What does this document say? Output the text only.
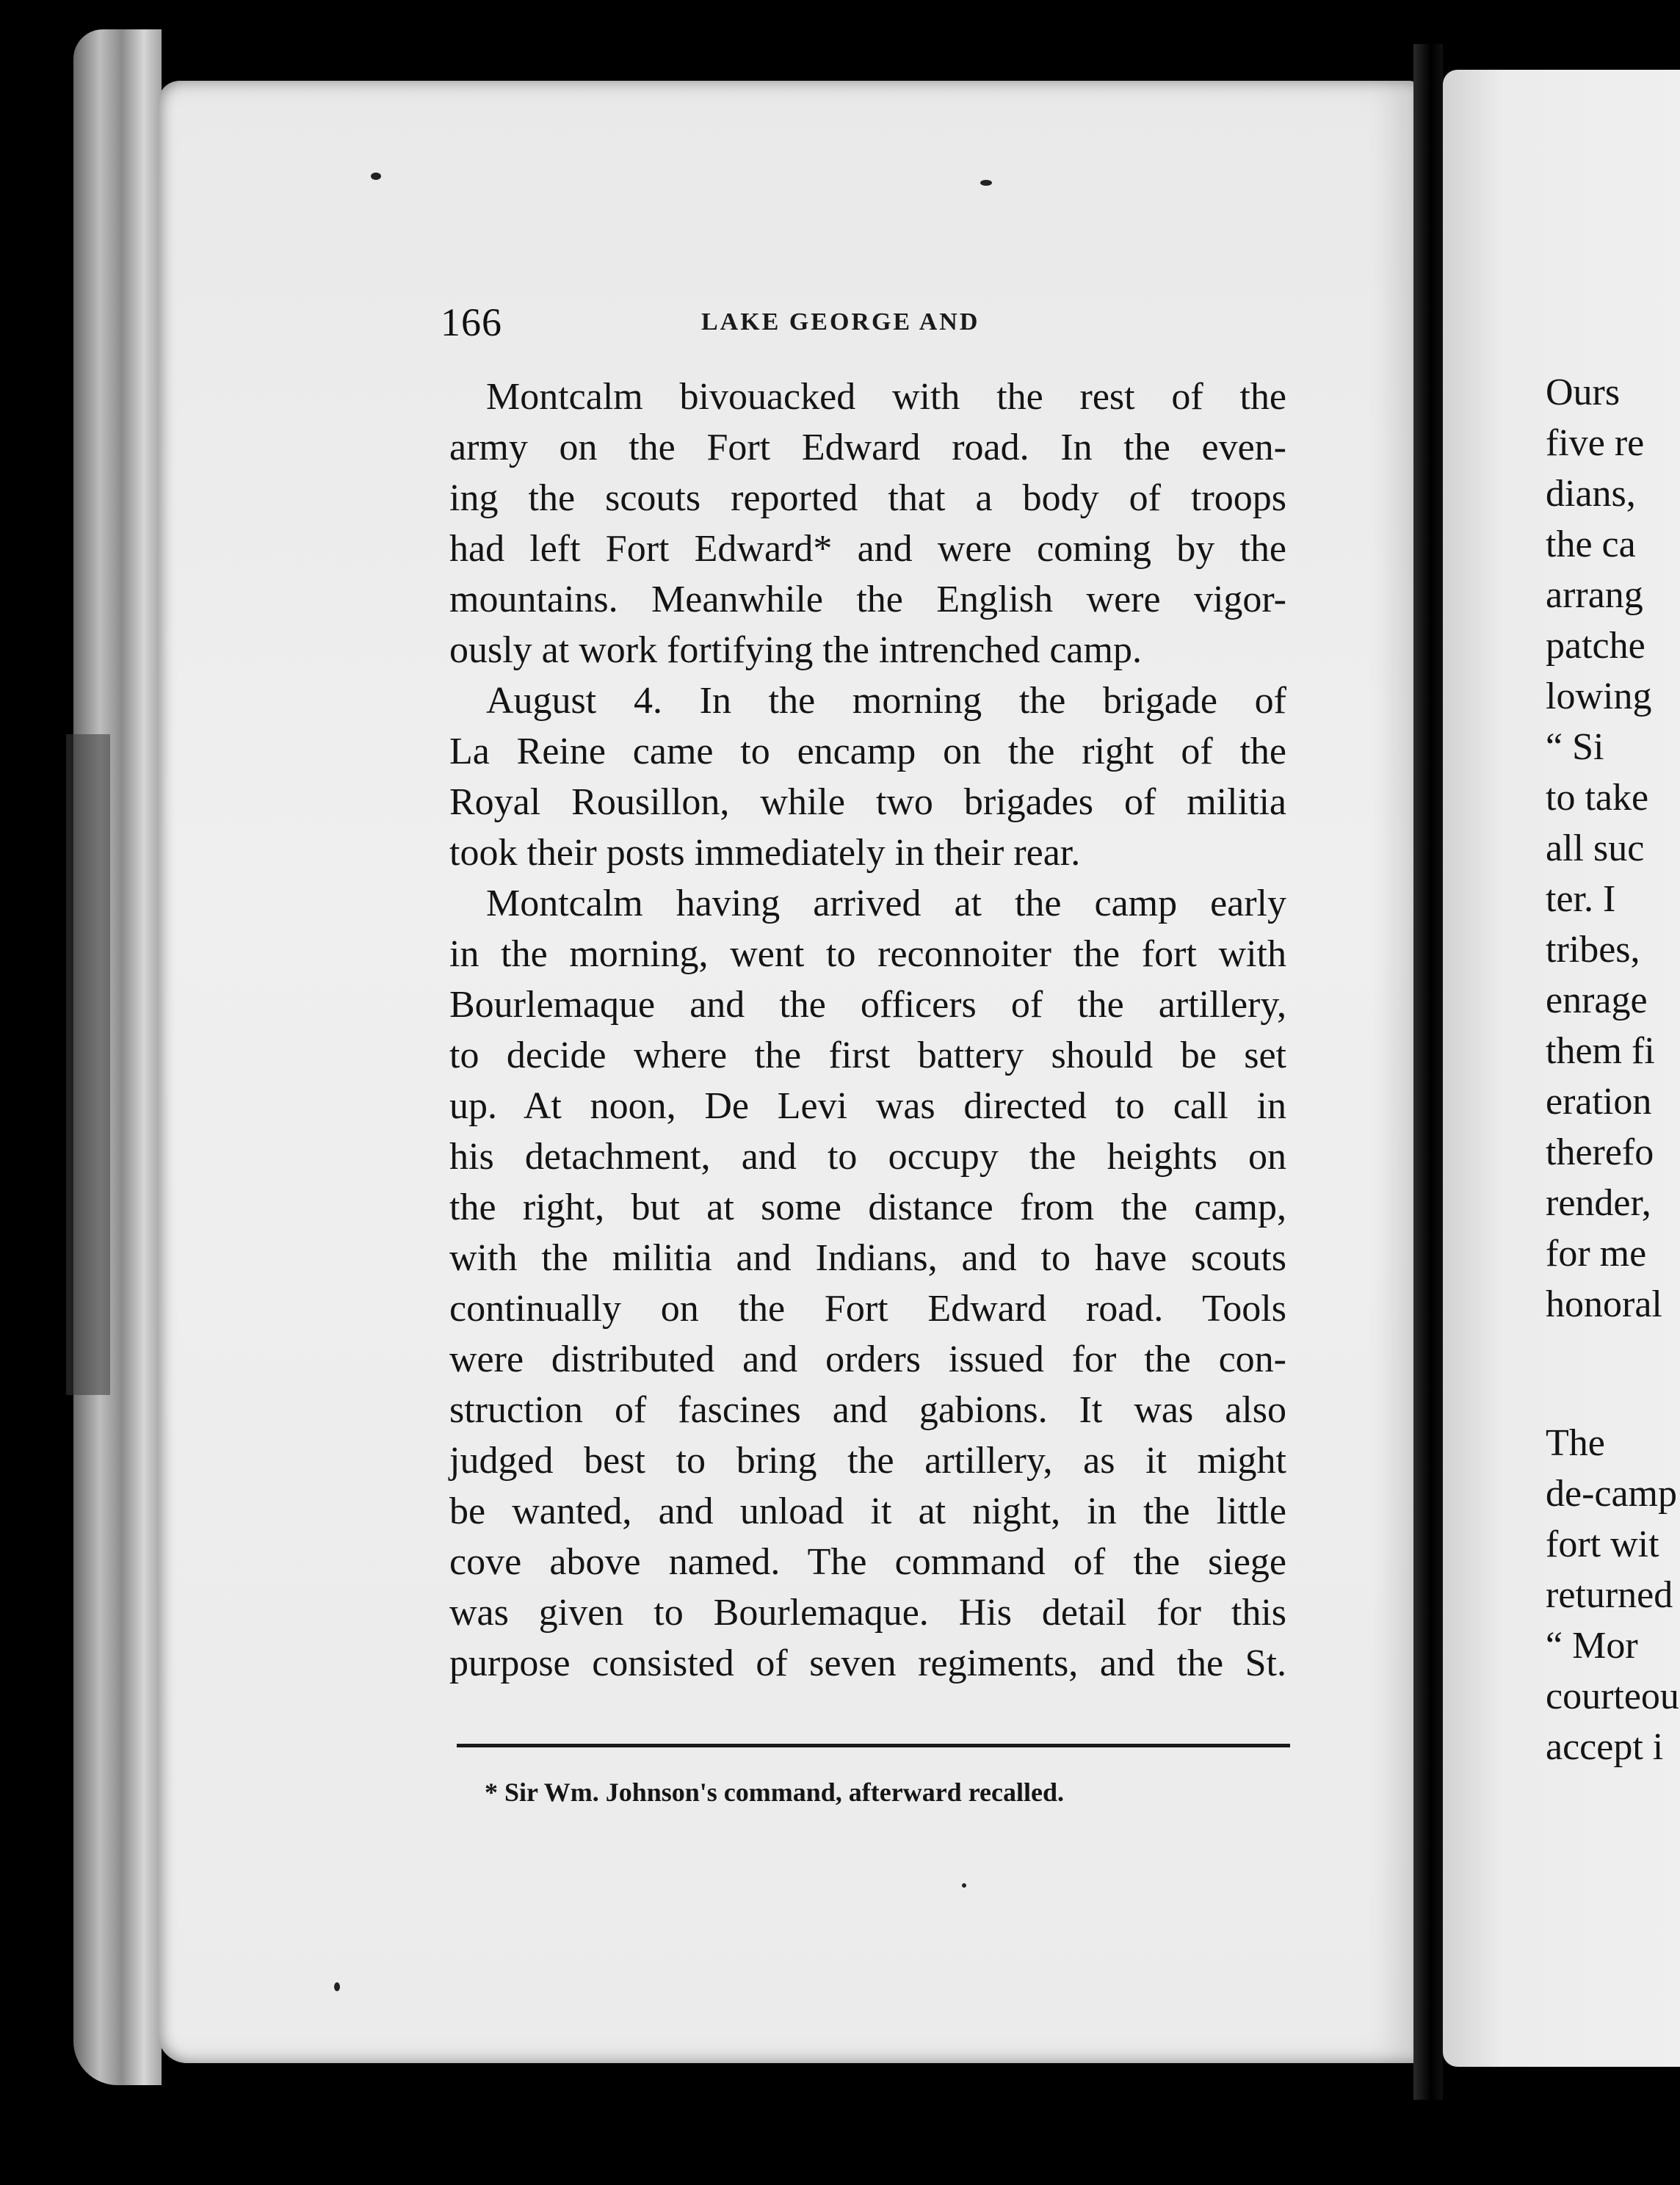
166	LAKE GEORGE AND
Montcalm bivouacked with the rest of the
army on the Fort Edward road. In the even-
ing the scouts reported that a body of troops
had left Fort Edward* and were coming by the
mountains. Meanwhile the English were vigor-
ously at work fortifying the intrenched camp.
August 4. In the morning the brigade of
La Reine came to encamp on the right of the
Royal Rousillon, while two brigades of militia
took their posts immediately in their rear.
Montcalm having arrived at the camp early
in the morning, went to reconnoiter the fort with
Bourlemaque and the officers of the artillery,
to decide where the first battery should be set
up. At noon, De Levi was directed to call in
his detachment, and to occupy the heights on
the right, but at some distance from the camp,
with the militia and Indians, and to have scouts
continually on the Fort Edward road. Tools
were distributed and orders issued for the con-
struction of fascines and gabions. It was also
judged best to bring the artillery, as it might
be wanted, and unload it at night, in the little
cove above named. The command of the siege
was given to Bourlemaque. His detail for this
purpose consisted of seven regiments, and the St.
* Sir Wm. Johnson's command, afterward recalled.
Ours
five re
dians,
the ca
arrang
patche
lowing
“ Si
to take
all suc
ter. I
tribes,
enrage
them fi
eration
therefo
render,
for me
honoral
The
de-camp
fort wit
returned
“ Mor
courteou
accept i
